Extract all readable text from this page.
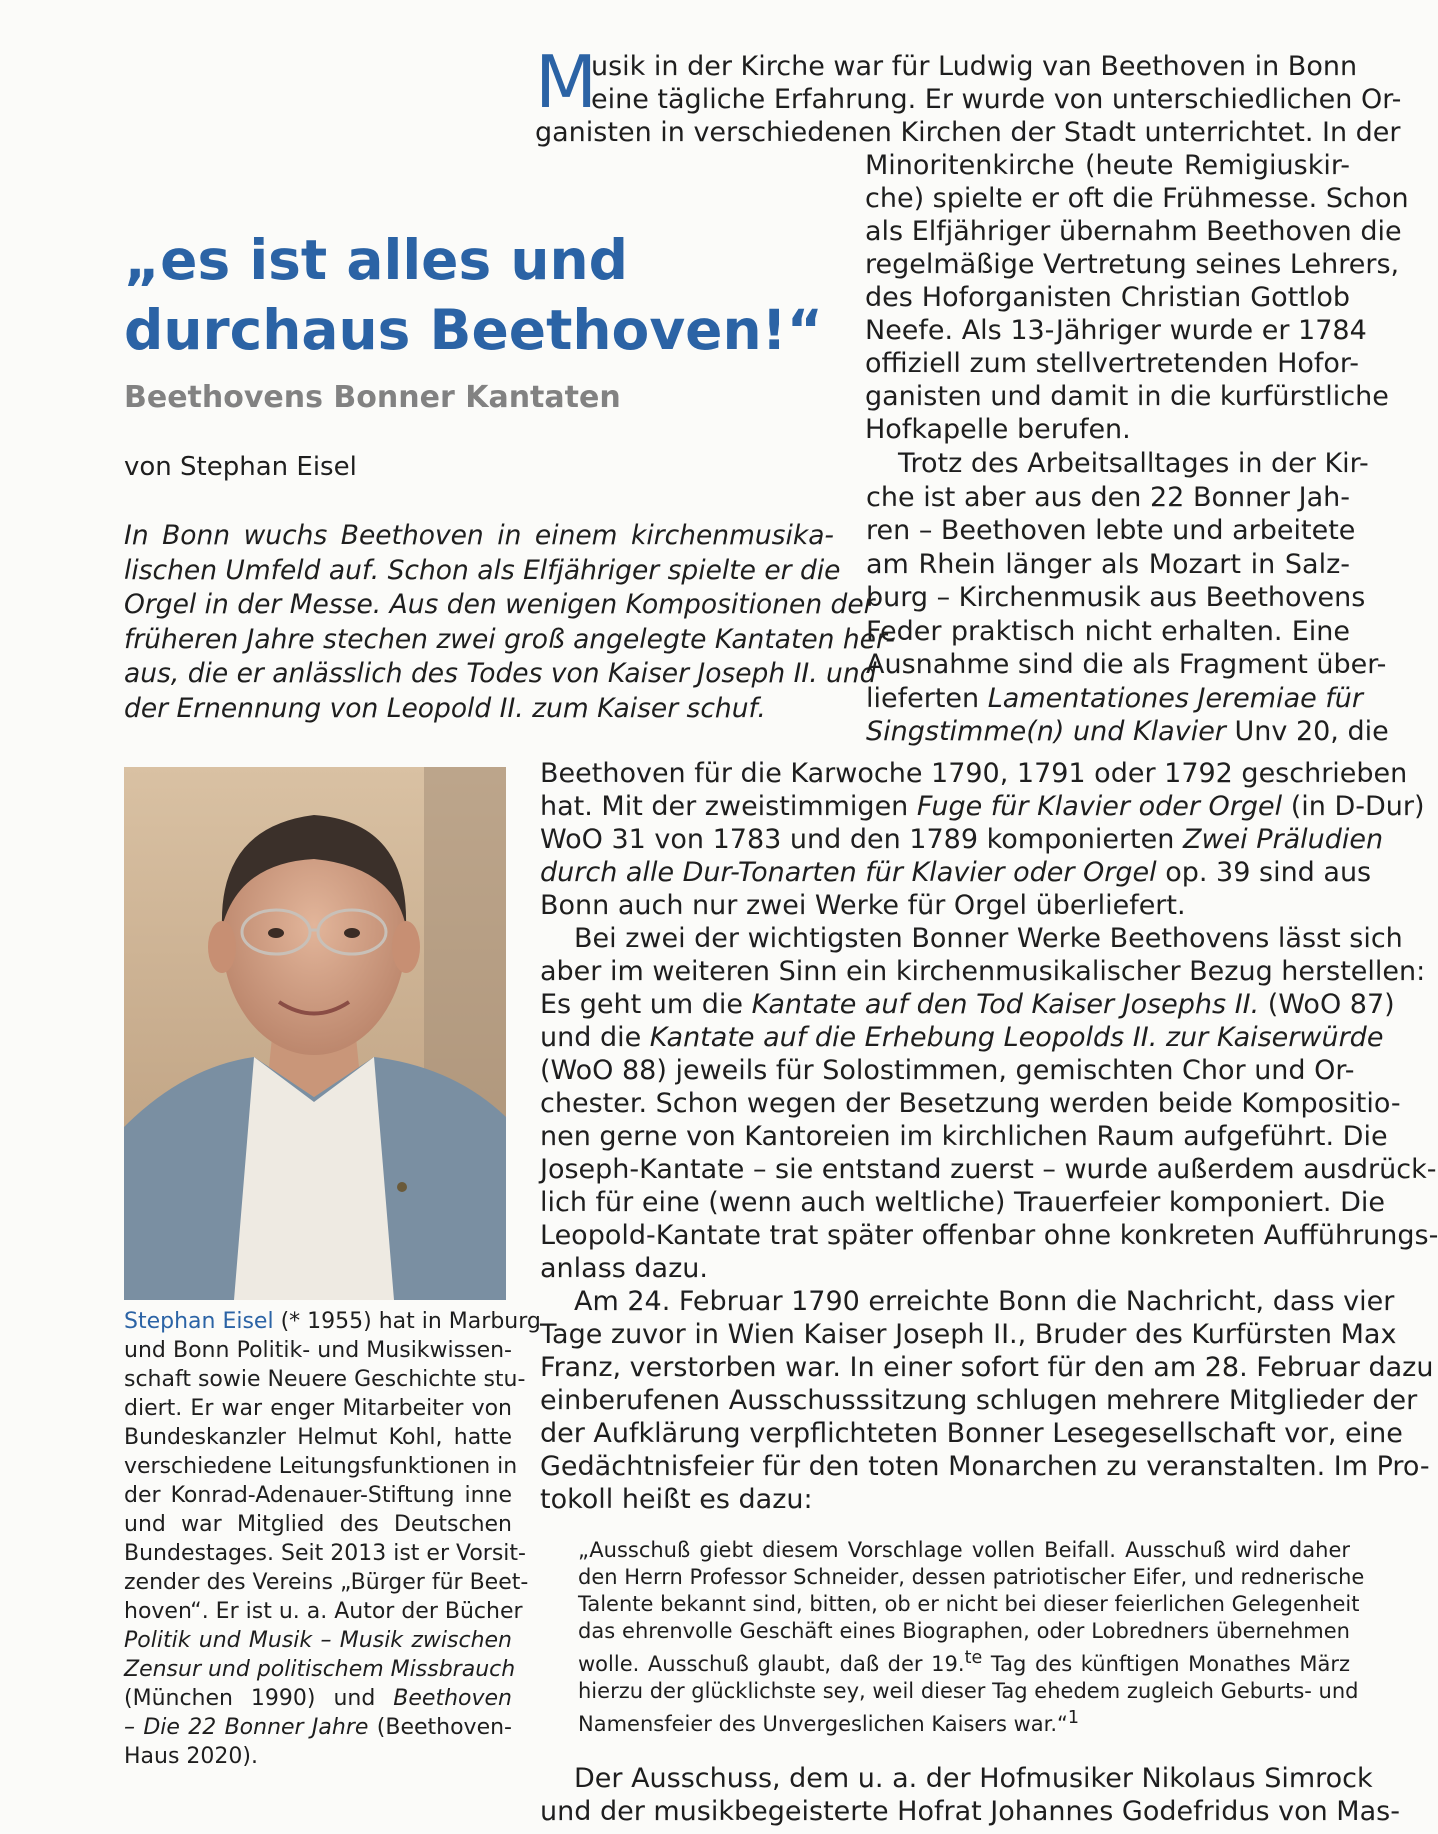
M
usik in der Kirche war für Ludwig van Beethoven in Bonn
eine tägliche Erfahrung. Er wurde von unterschiedlichen Or-
ganisten in verschiedenen Kirchen der Stadt unterrichtet. In der
Minoritenkirche (heute Remigiuskir-
che) spielte er oft die Frühmesse. Schon
als Elfjähriger übernahm Beethoven die
regelmäßige Vertretung seines Lehrers,
des Hoforganisten Christian Gottlob
Neefe. Als 13-Jähriger wurde er 1784
offiziell zum stellvertretenden Hofor-
ganisten und damit in die kurfürstliche
Hofkapelle berufen.
Trotz des Arbeitsalltages in der Kir-
che ist aber aus den 22 Bonner Jah-
ren – Beethoven lebte und arbeitete
am Rhein länger als Mozart in Salz-
burg – Kirchenmusik aus Beethovens
Feder praktisch nicht erhalten. Eine
Ausnahme sind die als Fragment über-
lieferten Lamentationes Jeremiae für
Singstimme(n) und Klavier Unv 20, die
„es ist alles und durchaus Beethoven!“
Beethovens Bonner Kantaten
von Stephan Eisel
In Bonn wuchs Beethoven in einem kirchenmusika-
lischen Umfeld auf. Schon als Elfjähriger spielte er die
Orgel in der Messe. Aus den wenigen Kompositionen der
früheren Jahre stechen zwei groß angelegte Kantaten her-
aus, die er anlässlich des Todes von Kaiser Joseph II. und
der Ernennung von Leopold II. zum Kaiser schuf.
Stephan Eisel (* 1955) hat in Marburg
und Bonn Politik- und Musikwissen-
schaft sowie Neuere Geschichte stu-
diert. Er war enger Mitarbeiter von
Bundeskanzler Helmut Kohl, hatte
verschiedene Leitungsfunktionen in
der Konrad-Adenauer-Stiftung inne
und war Mitglied des Deutschen
Bundestages. Seit 2013 ist er Vorsit-
zender des Vereins „Bürger für Beet-
hoven“. Er ist u. a. Autor der Bücher
Politik und Musik – Musik zwischen
Zensur und politischem Missbrauch
(München 1990) und Beethoven
– Die 22 Bonner Jahre (Beethoven-
Haus 2020).
Beethoven für die Karwoche 1790, 1791 oder 1792 geschrieben
hat. Mit der zweistimmigen Fuge für Klavier oder Orgel (in D-Dur)
WoO 31 von 1783 und den 1789 komponierten Zwei Präludien
durch alle Dur-Tonarten für Klavier oder Orgel op. 39 sind aus
Bonn auch nur zwei Werke für Orgel überliefert.
Bei zwei der wichtigsten Bonner Werke Beethovens lässt sich
aber im weiteren Sinn ein kirchenmusikalischer Bezug herstellen:
Es geht um die Kantate auf den Tod Kaiser Josephs II. (WoO 87)
und die Kantate auf die Erhebung Leopolds II. zur Kaiserwürde
(WoO 88) jeweils für Solostimmen, gemischten Chor und Or-
chester. Schon wegen der Besetzung werden beide Kompositio-
nen gerne von Kantoreien im kirchlichen Raum aufgeführt. Die
Joseph-Kantate – sie entstand zuerst – wurde außerdem ausdrück-
lich für eine (wenn auch weltliche) Trauerfeier komponiert. Die
Leopold-Kantate trat später offenbar ohne konkreten Aufführungs-
anlass dazu.
Am 24. Februar 1790 erreichte Bonn die Nachricht, dass vier
Tage zuvor in Wien Kaiser Joseph II., Bruder des Kurfürsten Max
Franz, verstorben war. In einer sofort für den am 28. Februar dazu
einberufenen Ausschusssitzung schlugen mehrere Mitglieder der
der Aufklärung verpflichteten Bonner Lesegesellschaft vor, eine
Gedächtnisfeier für den toten Monarchen zu veranstalten. Im Pro-
tokoll heißt es dazu:
„Ausschuß giebt diesem Vorschlage vollen Beifall. Ausschuß wird daher
den Herrn Professor Schneider, dessen patriotischer Eifer, und rednerische
Talente bekannt sind, bitten, ob er nicht bei dieser feierlichen Gelegenheit
das ehrenvolle Geschäft eines Biographen, oder Lobredners übernehmen
wolle. Ausschuß glaubt, daß der 19.$^{te}$ Tag des künftigen Monathes März
hierzu der glücklichste sey, weil dieser Tag ehedem zugleich Geburts- und
Namensfeier des Unvergeslichen Kaisers war.“$^1$
Der Ausschuss, dem u. a. der Hofmusiker Nikolaus Simrock
und der musikbegeisterte Hofrat Johannes Godefridus von Mas-
